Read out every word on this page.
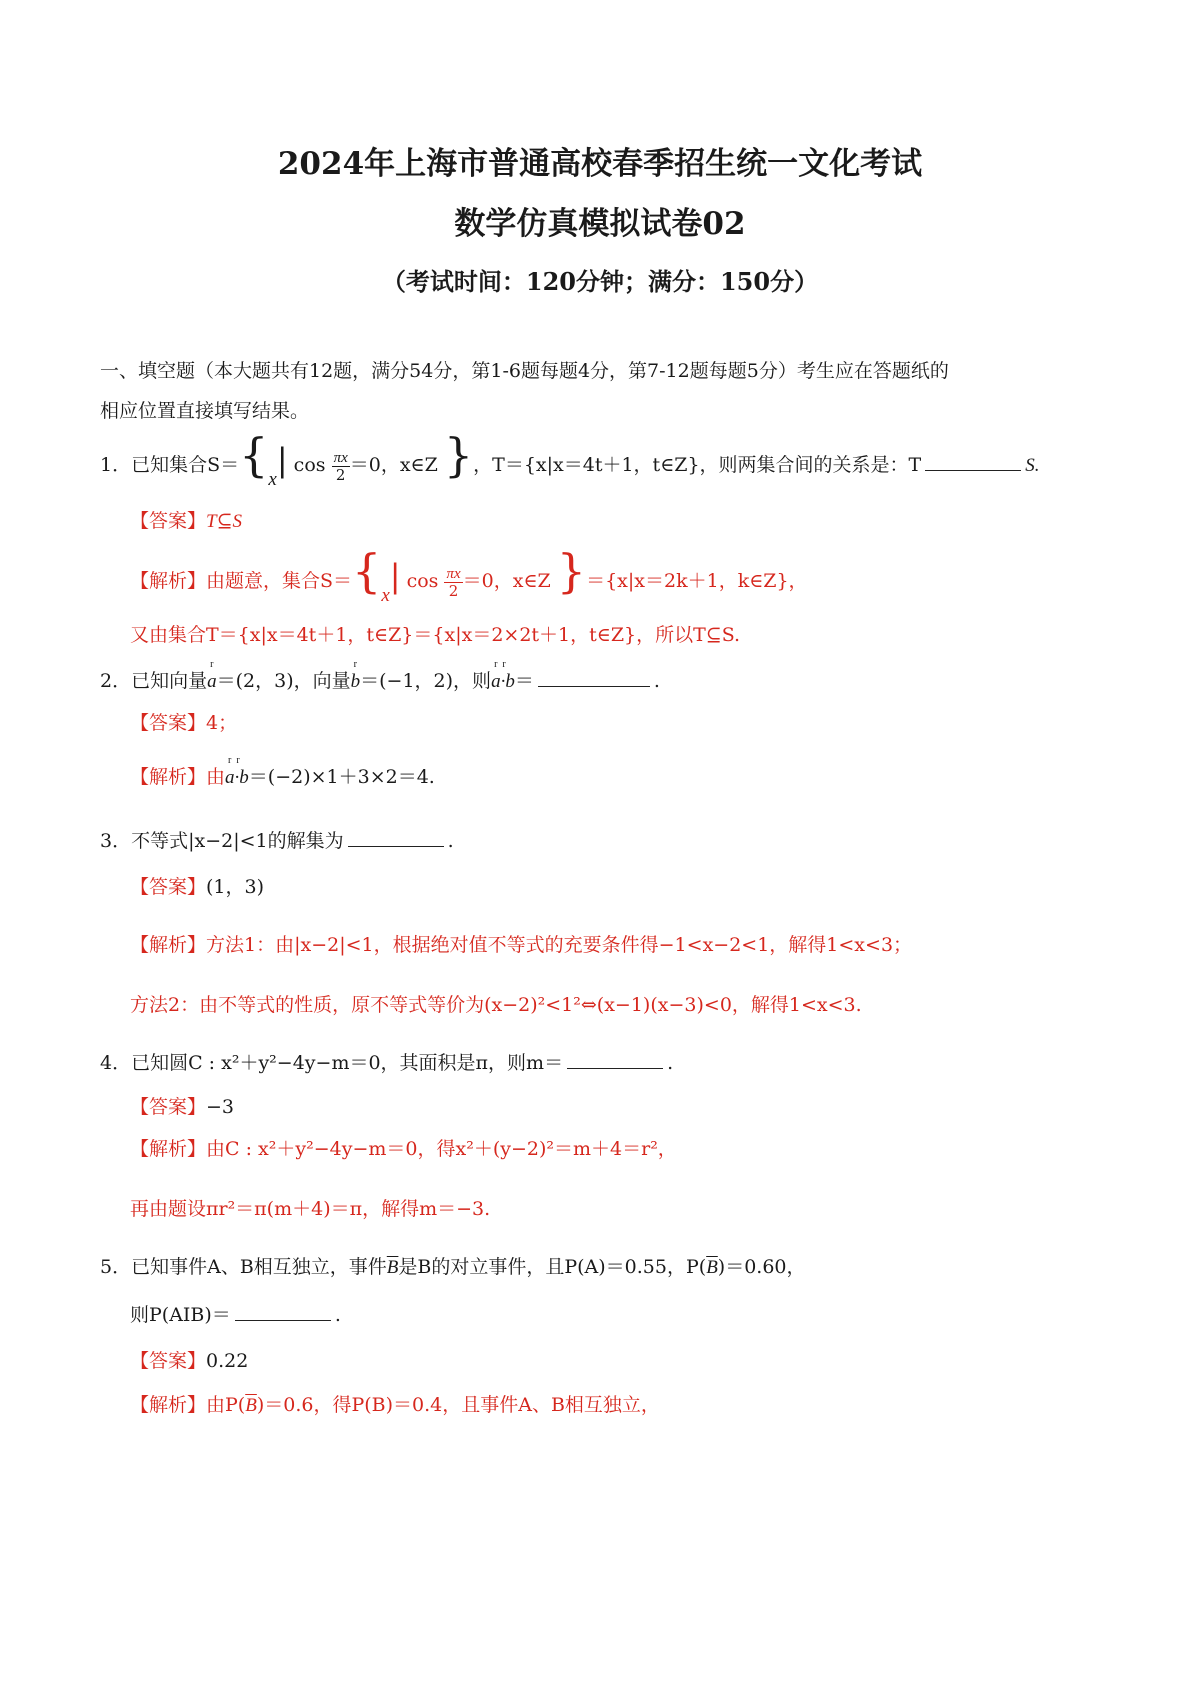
2024年上海市普通高校春季招生统一文化考试
数学仿真模拟试卷02
（考试时间：120分钟；满分：150分）
一、填空题（本大题共有12题，满分54分，第1-6题每题4分，第7-12题每题5分）考生应在答题纸的
相应位置直接填写结果。
1．已知集合S＝{x| $\cos \frac{\pi x}{2} =0$，x∈Z }，T＝{x|x＝4t＋1，t∈Z}，则两集合间的关系是：T	S.
【答案】T⊆S
【解析】由题意，集合S＝{x| $\cos \frac{\pi x}{2} =0$，x∈Z }＝{x|x＝2k＋1，k∈Z}，
又由集合T＝{x|x＝4t＋1，t∈Z}＝{x|x＝2×2t＋1，t∈Z}，所以T⊆S.
2．已知向量
r
a＝(2，3)，向量
r
b＝(−1，2)，则
r  r
a·b＝	.
【答案】4；
【解析】由
r  r
a·b＝(−2)×1＋3×2＝4.
3．不等式|x−2|<1的解集为	.
【答案】(1，3)
【解析】方法1：由|x−2|<1，根据绝对值不等式的充要条件得−1<x−2<1，解得1<x<3；
方法2：由不等式的性质，原不等式等价为(x−2)²<1²⇔(x−1)(x−3)<0，解得1<x<3.
4．已知圆C : x²＋y²−4y−m＝0，其面积是π，则m＝	.
【答案】−3
【解析】由C : x²＋y²−4y−m＝0，得x²＋(y−2)²＝m＋4＝r²，
再由题设πr²＝π(m＋4)＝π，解得m＝−3.
5．已知事件A、B相互独立，事件$\overline{B}$是B的对立事件，且P(A)＝0.55，$P(\overline{B})=0.60$，
则P(AIB)＝	.
【答案】0.22
【解析】由$P(\overline{B})=0.6$，得P(B)＝0.4，且事件A、B相互独立，
